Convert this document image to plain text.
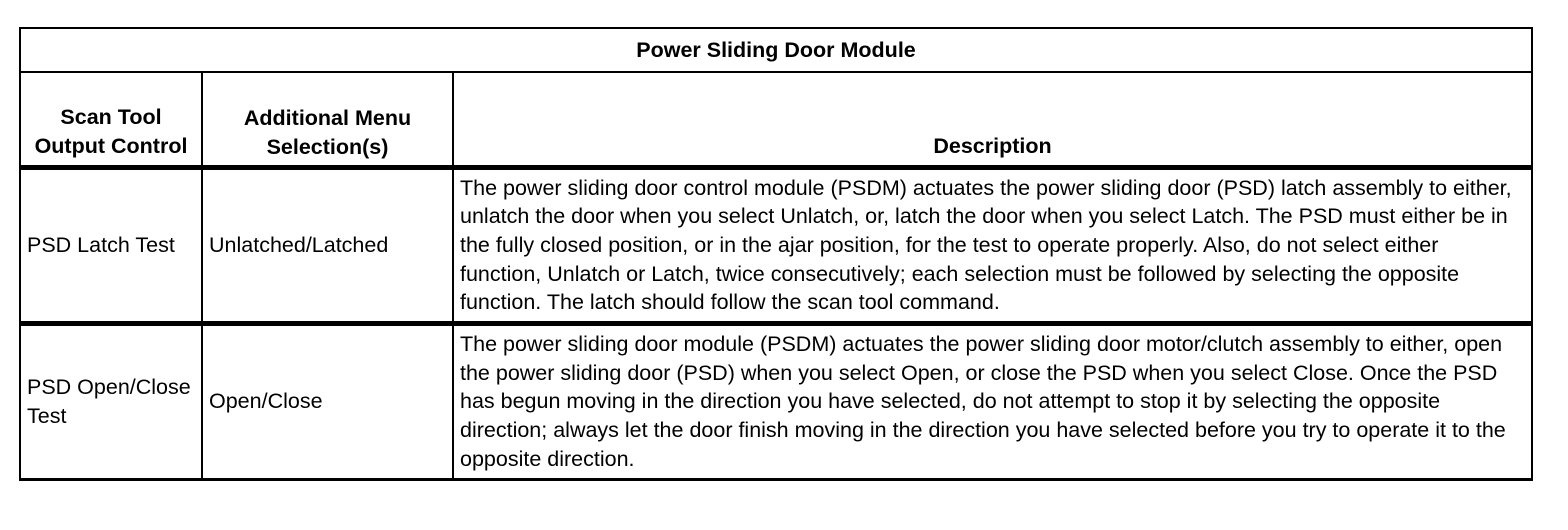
Power Sliding Door Module		
Scan Tool Output Control	Additional Menu Selection(s)	Description
PSD Latch Test	Unlatched/Latched	The power sliding door control module (PSDM) actuates the power sliding door (PSD) latch assembly to either, unlatch the door when you select Unlatch, or, latch the door when you select Latch. The PSD must either be in the fully closed position, or in the ajar position, for the test to operate properly. Also, do not select either function, Unlatch or Latch, twice consecutively; each selection must be followed by selecting the opposite function. The latch should follow the scan tool command.
PSD Open/Close Test	Open/Close	The power sliding door module (PSDM) actuates the power sliding door motor/clutch assembly to either, open the power sliding door (PSD) when you select Open, or close the PSD when you select Close. Once the PSD has begun moving in the direction you have selected, do not attempt to stop it by selecting the opposite direction; always let the door finish moving in the direction you have selected before you try to operate it to the opposite direction.
